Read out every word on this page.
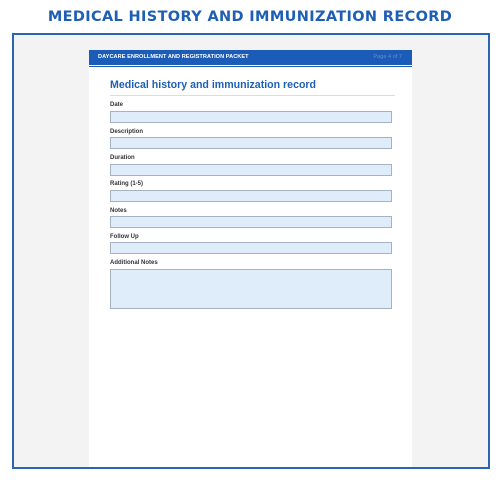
MEDICAL HISTORY AND IMMUNIZATION RECORD
DAYCARE ENROLLMENT AND REGISTRATION PACKET	Page 4 of 7
Medical history and immunization record
Date
Description
Duration
Rating (1-5)
Notes
Follow Up
Additional Notes
